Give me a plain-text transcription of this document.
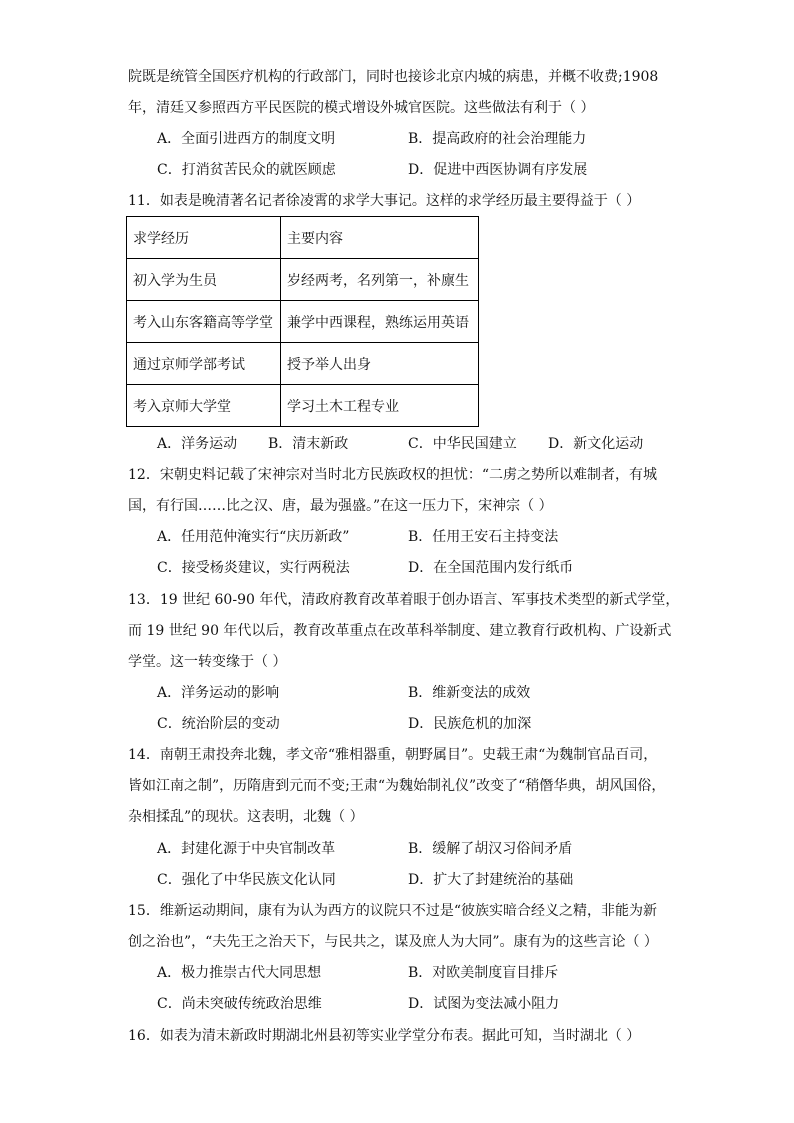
院既是统管全国医疗机构的行政部门，同时也接诊北京内城的病患，并概不收费;1908
年，清廷又参照西方平民医院的模式增设外城官医院。这些做法有利于（ ）
A．全面引进西方的制度文明	B．提高政府的社会治理能力
C．打消贫苦民众的就医顾虑	D．促进中西医协调有序发展
11．如表是晚清著名记者徐凌霄的求学大事记。这样的求学经历最主要得益于（ ）
求学经历	主要内容
初入学为生员	岁经两考，名列第一，补廪生
考入山东客籍高等学堂	兼学中西课程，熟练运用英语
通过京师学部考试	授予举人出身
考入京师大学堂	学习土木工程专业
A．洋务运动 B．清末新政	C．中华民国建立 D．新文化运动
12．宋朝史料记载了宋神宗对当时北方民族政权的担忧：“二虏之势所以难制者，有城
国，有行国……比之汉、唐，最为强盛。”在这一压力下，宋神宗（ ）
A．任用范仲淹实行“庆历新政”	B．任用王安石主持变法
C．接受杨炎建议，实行两税法	D．在全国范围内发行纸币
13．19 世纪 60-90 年代，清政府教育改革着眼于创办语言、军事技术类型的新式学堂，
而 19 世纪 90 年代以后，教育改革重点在改革科举制度、建立教育行政机构、广设新式
学堂。这一转变缘于（ ）
A．洋务运动的影响	B．维新变法的成效
C．统治阶层的变动	D．民族危机的加深
14．南朝王肃投奔北魏，孝文帝“雅相器重，朝野属目”。史载王肃“为魏制官品百司，
皆如江南之制”，历隋唐到元而不变;王肃“为魏始制礼仪”改变了“稍僭华典，胡风国俗，
杂相揉乱”的现状。这表明，北魏（ ）
A．封建化源于中央官制改革	B．缓解了胡汉习俗间矛盾
C．强化了中华民族文化认同	D．扩大了封建统治的基础
15．维新运动期间，康有为认为西方的议院只不过是“彼族实暗合经义之精，非能为新
创之治也”，“夫先王之治天下，与民共之，谋及庶人为大同”。康有为的这些言论（ ）
A．极力推崇古代大同思想	B．对欧美制度盲目排斥
C．尚未突破传统政治思维	D．试图为变法减小阻力
16．如表为清末新政时期湖北州县初等实业学堂分布表。据此可知，当时湖北（ ）
